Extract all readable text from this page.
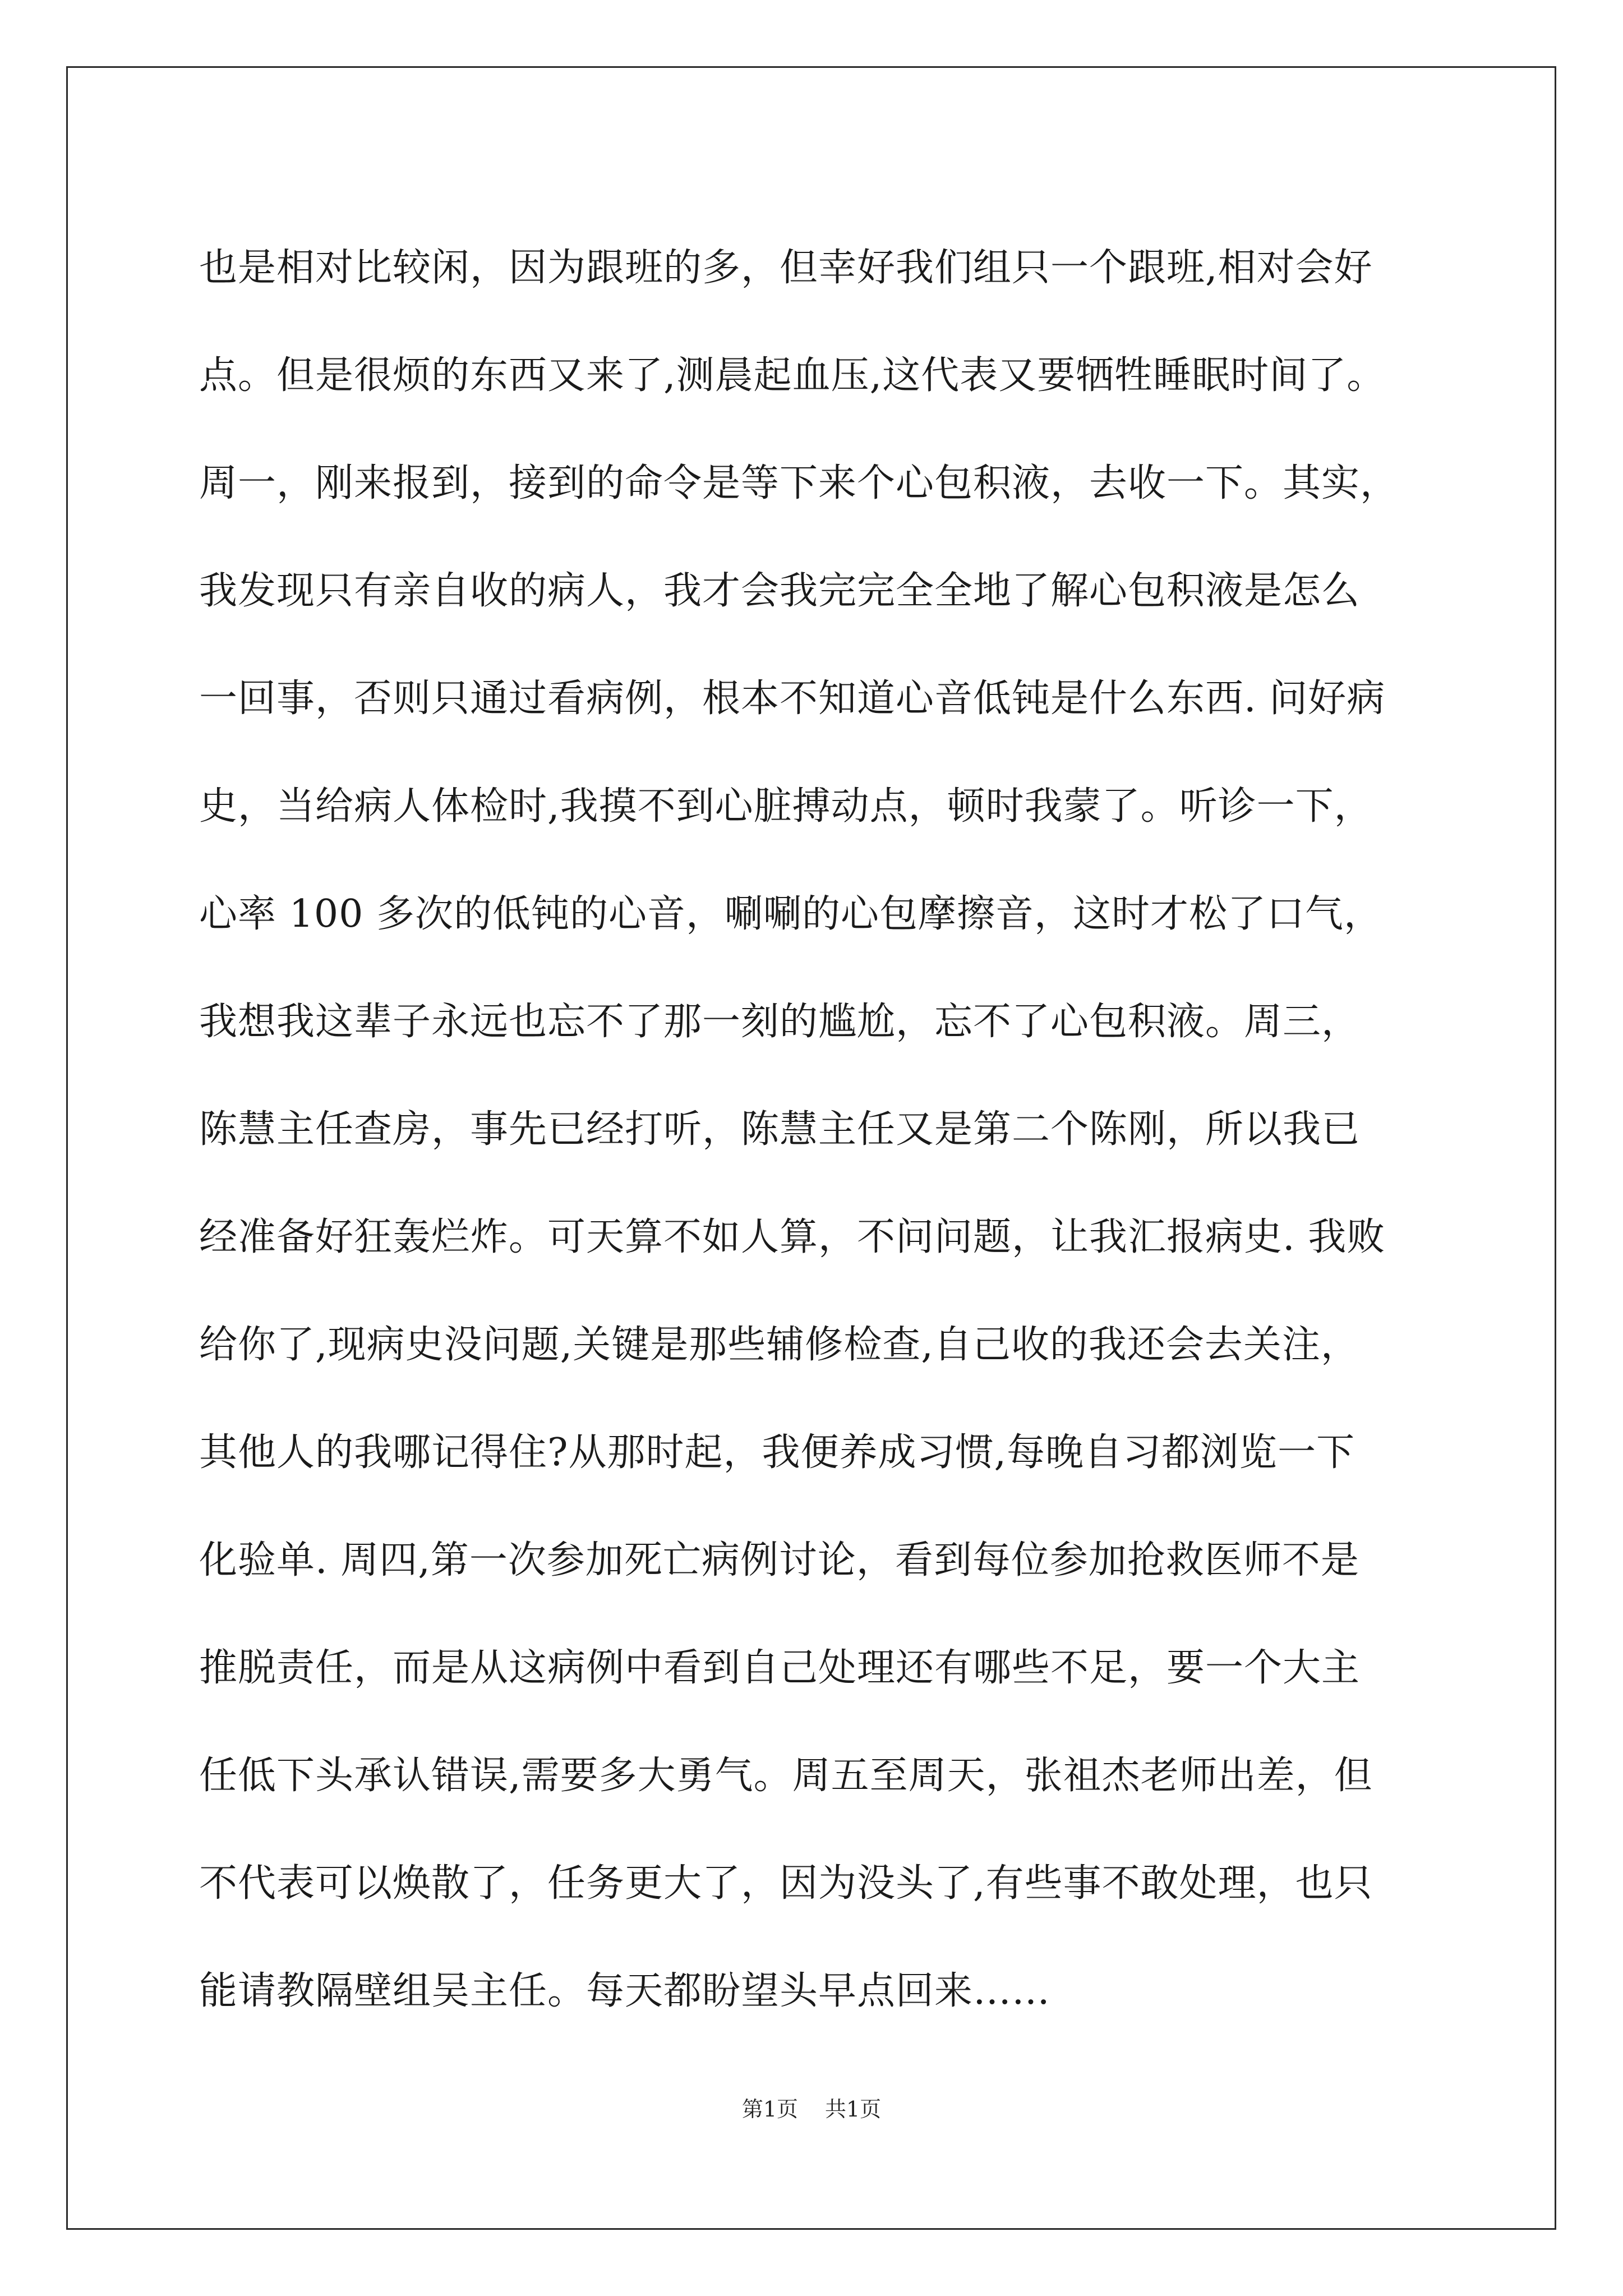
也是相对比较闲，因为跟班的多，但幸好我们组只一个跟班,相对会好
点。但是很烦的东西又来了,测晨起血压,这代表又要牺牲睡眠时间了。
周一，刚来报到，接到的命令是等下来个心包积液，去收一下。其实，
我发现只有亲自收的病人，我才会我完完全全地了解心包积液是怎么
一回事，否则只通过看病例，根本不知道心音低钝是什么东西. 问好病
史，当给病人体检时,我摸不到心脏搏动点，顿时我蒙了。听诊一下，
心率 100 多次的低钝的心音，唰唰的心包摩擦音，这时才松了口气，
我想我这辈子永远也忘不了那一刻的尴尬，忘不了心包积液。周三，
陈慧主任查房，事先已经打听，陈慧主任又是第二个陈刚，所以我已
经准备好狂轰烂炸。可天算不如人算，不问问题，让我汇报病史. 我败
给你了,现病史没问题,关键是那些辅修检查,自己收的我还会去关注，
其他人的我哪记得住?从那时起，我便养成习惯,每晚自习都浏览一下
化验单. 周四,第一次参加死亡病例讨论，看到每位参加抢救医师不是
推脱责任，而是从这病例中看到自己处理还有哪些不足，要一个大主
任低下头承认错误,需要多大勇气。周五至周天，张祖杰老师出差，但
不代表可以焕散了，任务更大了，因为没头了,有些事不敢处理，也只
能请教隔壁组吴主任。每天都盼望头早点回来……
第1页 共1页
